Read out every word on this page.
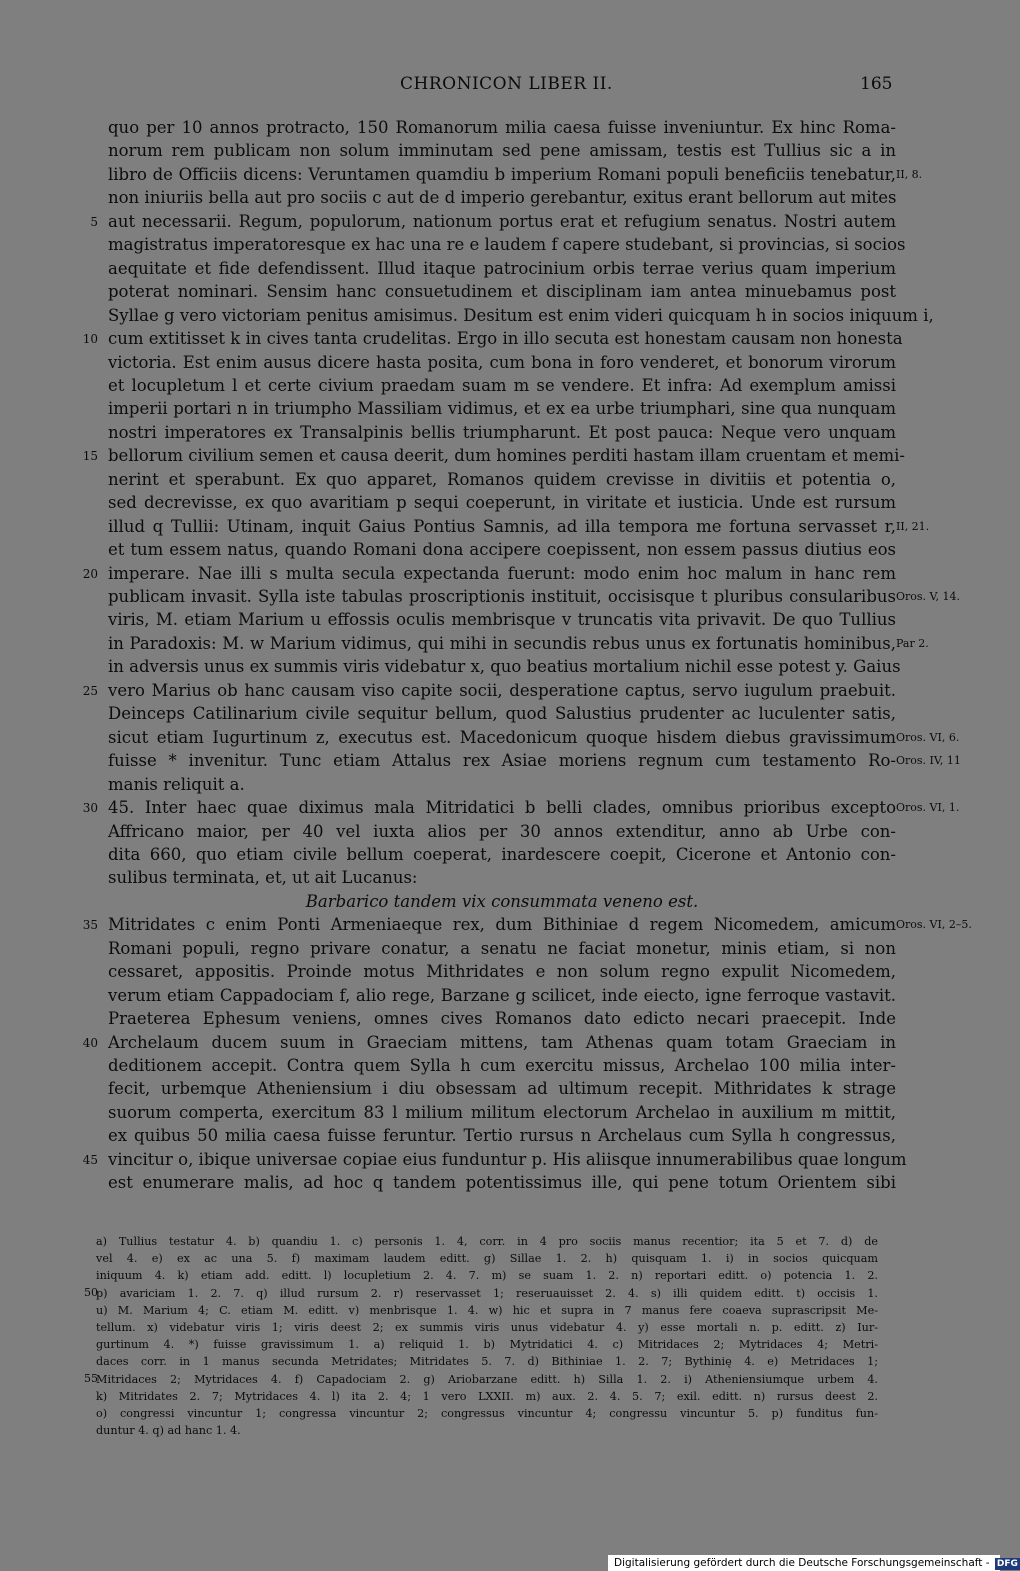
CHRONICON LIBER II.	165
quo per 10 annos protracto, 150 Romanorum milia caesa fuisse inveniuntur. Ex hinc Roma-
norum rem publicam non solum imminutam sed pene amissam, testis est Tullius sic a in
libro de Officiis dicens: Veruntamen quamdiu b imperium Romani populi beneficiis tenebatur, II, 8.
non iniuriis bella aut pro sociis c aut de d imperio gerebantur, exitus erant bellorum aut mites
5 aut necessarii. Regum, populorum, nationum portus erat et refugium senatus. Nostri autem
magistratus imperatoresque ex hac una re e laudem f capere studebant, si provincias, si socios
aequitate et fide defendissent. Illud itaque patrocinium orbis terrae verius quam imperium
poterat nominari. Sensim hanc consuetudinem et disciplinam iam antea minuebamus post
Syllae g vero victoriam penitus amisimus. Desitum est enim videri quicquam h in socios iniquum i,
10 cum extitisset k in cives tanta crudelitas. Ergo in illo secuta est honestam causam non honesta
victoria. Est enim ausus dicere hasta posita, cum bona in foro venderet, et bonorum virorum
et locupletum l et certe civium praedam suam m se vendere. Et infra: Ad exemplum amissi
imperii portari n in triumpho Massiliam vidimus, et ex ea urbe triumphari, sine qua nunquam
nostri imperatores ex Transalpinis bellis triumpharunt. Et post pauca: Neque vero unquam
15 bellorum civilium semen et causa deerit, dum homines perditi hastam illam cruentam et memi-
nerint et sperabunt. Ex quo apparet, Romanos quidem crevisse in divitiis et potentia o,
sed decrevisse, ex quo avaritiam p sequi coeperunt, in viritate et iusticia. Unde est rursum
illud q Tullii: Utinam, inquit Gaius Pontius Samnis, ad illa tempora me fortuna servasset r, II, 21.
et tum essem natus, quando Romani dona accipere coepissent, non essem passus diutius eos
20 imperare. Nae illi s multa secula expectanda fuerunt: modo enim hoc malum in hanc rem
publicam invasit. Sylla iste tabulas proscriptionis instituit, occisisque t pluribus consularibus Oros. V, 14.
viris, M. etiam Marium u effossis oculis membrisque v truncatis vita privavit. De quo Tullius
in Paradoxis: M. w Marium vidimus, qui mihi in secundis rebus unus ex fortunatis hominibus, Par 2.
in adversis unus ex summis viris videbatur x, quo beatius mortalium nichil esse potest y. Gaius
25 vero Marius ob hanc causam viso capite socii, desperatione captus, servo iugulum praebuit.
Deinceps Catilinarium civile sequitur bellum, quod Salustius prudenter ac luculenter satis,
sicut etiam Iugurtinum z, executus est. Macedonicum quoque hisdem diebus gravissimum Oros. VI, 6.
fuisse * invenitur. Tunc etiam Attalus rex Asiae moriens regnum cum testamento Ro- Oros. IV, 11
manis reliquit a.
30 45. Inter haec quae diximus mala Mitridatici b belli clades, omnibus prioribus excepto Oros. VI, 1.
Affricano maior, per 40 vel iuxta alios per 30 annos extenditur, anno ab Urbe con-
dita 660, quo etiam civile bellum coeperat, inardescere coepit, Cicerone et Antonio con-
sulibus terminata, et, ut ait Lucanus:
Barbarico tandem vix consummata veneno est.
35 Mitridates c enim Ponti Armeniaeque rex, dum Bithiniae d regem Nicomedem, amicum Oros. VI, 2–5.
Romani populi, regno privare conatur, a senatu ne faciat monetur, minis etiam, si non
cessaret, appositis. Proinde motus Mithridates e non solum regno expulit Nicomedem,
verum etiam Cappadociam f, alio rege, Barzane g scilicet, inde eiecto, igne ferroque vastavit.
Praeterea Ephesum veniens, omnes cives Romanos dato edicto necari praecepit. Inde
40 Archelaum ducem suum in Graeciam mittens, tam Athenas quam totam Graeciam in
deditionem accepit. Contra quem Sylla h cum exercitu missus, Archelao 100 milia inter-
fecit, urbemque Atheniensium i diu obsessam ad ultimum recepit. Mithridates k strage
suorum comperta, exercitum 83 l milium militum electorum Archelao in auxilium m mittit,
ex quibus 50 milia caesa fuisse feruntur. Tertio rursus n Archelaus cum Sylla h congressus,
45 vincitur o, ibique universae copiae eius funduntur p. His aliisque innumerabilibus quae longum
est enumerare malis, ad hoc q tandem potentissimus ille, qui pene totum Orientem sibi
a) Tullius testatur 4. b) quandiu 1. c) personis 1. 4, corr. in 4 pro sociis manus recentior; ita 5 et 7. d) de
vel 4. e) ex ac una 5. f) maximam laudem editt. g) Sillae 1. 2. h) quisquam 1. i) in socios quicquam
iniquum 4. k) etiam add. editt. l) locupletium 2. 4. 7. m) se suam 1. 2. n) reportari editt. o) potencia 1. 2.
50
p) avariciam 1. 2. 7. q) illud rursum 2. r) reservasset 1; reseruauisset 2. 4. s) illi quidem editt. t) occisis 1.
u) M. Marium 4; C. etiam M. editt. v) menbrisque 1. 4. w) hic et supra in 7 manus fere coaeva suprascripsit Me-
tellum. x) videbatur viris 1; viris deest 2; ex summis viris unus videbatur 4. y) esse mortali n. p. editt. z) Iur-
gurtinum 4. *) fuisse gravissimum 1. a) reliquid 1. b) Mytridatici 4. c) Mitridaces 2; Mytridaces 4; Metri-
daces corr. in 1 manus secunda Metridates; Mitridates 5. 7. d) Bithiniae 1. 2. 7; Bythinię 4. e) Metridaces 1;
55
Mitridaces 2; Mytridaces 4. f) Capadociam 2. g) Ariobarzane editt. h) Silla 1. 2. i) Atheniensiumque urbem 4.
k) Mitridates 2. 7; Mytridaces 4. l) ita 2. 4; 1 vero LXXII. m) aux. 2. 4. 5. 7; exil. editt. n) rursus deest 2.
o) congressi vincuntur 1; congressa vincuntur 2; congressus vincuntur 4; congressu vincuntur 5. p) funditus fun-
duntur 4. q) ad hanc 1. 4.
Digitalisierung gefördert durch die Deutsche Forschungsgemeinschaft - DFG
